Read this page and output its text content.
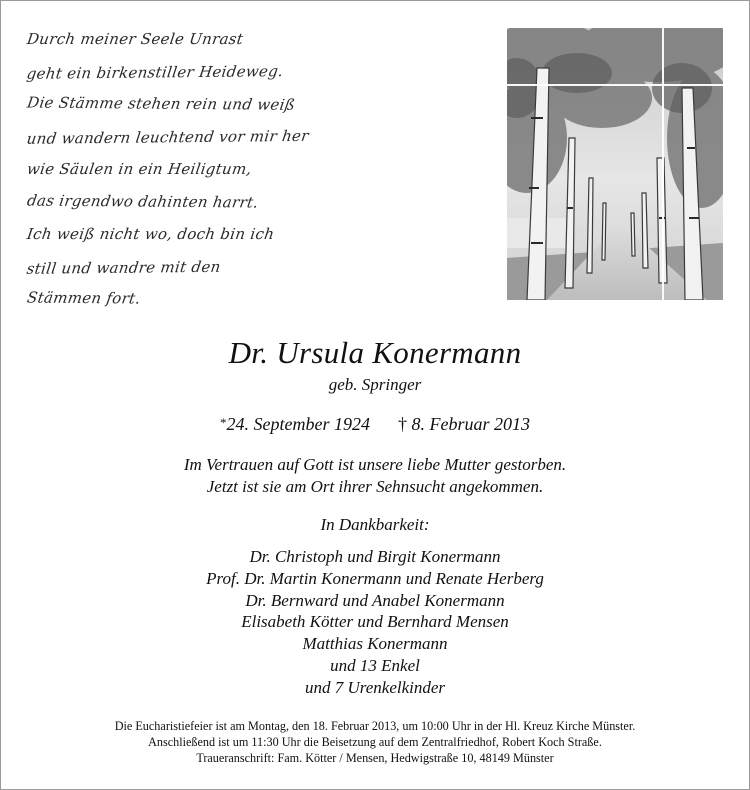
Durch meiner Seele Unrast
geht ein birkenstiller Heideweg.
Die Stämme stehen rein und weiß
und wandern leuchtend vor mir her
wie Säulen in ein Heiligtum,
das irgendwo dahinten harrt.
Ich weiß nicht wo, doch bin ich
still und wandre mit den
Stämmen fort.
Dr. Ursula Konermann
geb. Springer
*24. September 1924 † 8. Februar 2013
Im Vertrauen auf Gott ist unsere liebe Mutter gestorben.
Jetzt ist sie am Ort ihrer Sehnsucht angekommen.
In Dankbarkeit:
Dr. Christoph und Birgit Konermann
Prof. Dr. Martin Konermann und Renate Herberg
Dr. Bernward und Anabel Konermann
Elisabeth Kötter und Bernhard Mensen
Matthias Konermann
und 13 Enkel
und 7 Urenkelkinder
Die Eucharistiefeier ist am Montag, den 18. Februar 2013, um 10:00 Uhr in der Hl. Kreuz Kirche Münster.
Anschließend ist um 11:30 Uhr die Beisetzung auf dem Zentralfriedhof, Robert Koch Straße.
Traueranschrift: Fam. Kötter / Mensen, Hedwigstraße 10, 48149 Münster
